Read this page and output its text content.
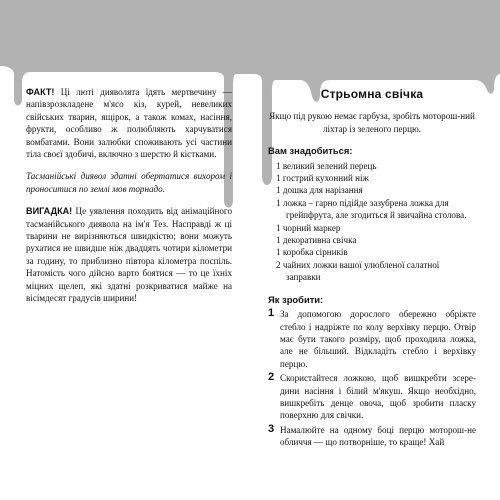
ФАКТ! Ці люті дияволята їдять мертвечину — напівзрозкладене м'ясо кіз, курей, невеликих свійських тварин, ящірок, а також комах, насіння, фрукти, особливо ж полюбляють харчуватися вомбатами. Вони залюбки споживають усі частини тіла своєї здобичі, включно з шерстю й кістками.

Тасманійські диявол здатні обертатися вихором і проноситися по землі мов торнадо.

ВИГАДКА! Це уявлення походить від анімаційного тасманійського диявола на ім'я Тез. Насправді ж ці тварини не вирізняються швидкістю; вони можуть рухатися не швидше ніж двадцять чотири кілометри за годину, то приблизно півтора кілометра поспіль. Натомість чого дійсно варто боятися — то це їхніх міцних щелеп, які здатні розкриватися майже на вісімдесят градусів ширини!

Стрьомна свічка
Якщо під рукою немає гарбуза, зробіть моторош-ний ліхтар із зеленого перцю.
Вам знадобиться:
1 великий зелений перець
1 гострий кухонний ніж
1 дошка для нарізання
1 ложка – гарно підійде зазубрена ложка для грейпфрута, але згодиться й звичайна столова.
1 чорний маркер
1 декоративна свічка
1 коробка сірників
2 чайних ложки вашої улюбленої салатної заправки
Як зробити:
1 За допомогою дорослого обережно обріжте стебло і надріжте по колу верхівку перцю. Отвір має бути такого розміру, щоб проходила ложка, але не більший. Відкладіть стебло і верхівку перцю.
2 Скористайтеся ложкою, щоб вишкребти зсере-дини насіння і білий м'якуш. Якщо необхідно, вишкребіть денце овоча, щоб зробити пласку поверхню для свічки.
3 Намалюйте на одному боці перцю моторош-не обличчя — що потворніше, то краще! Хай
